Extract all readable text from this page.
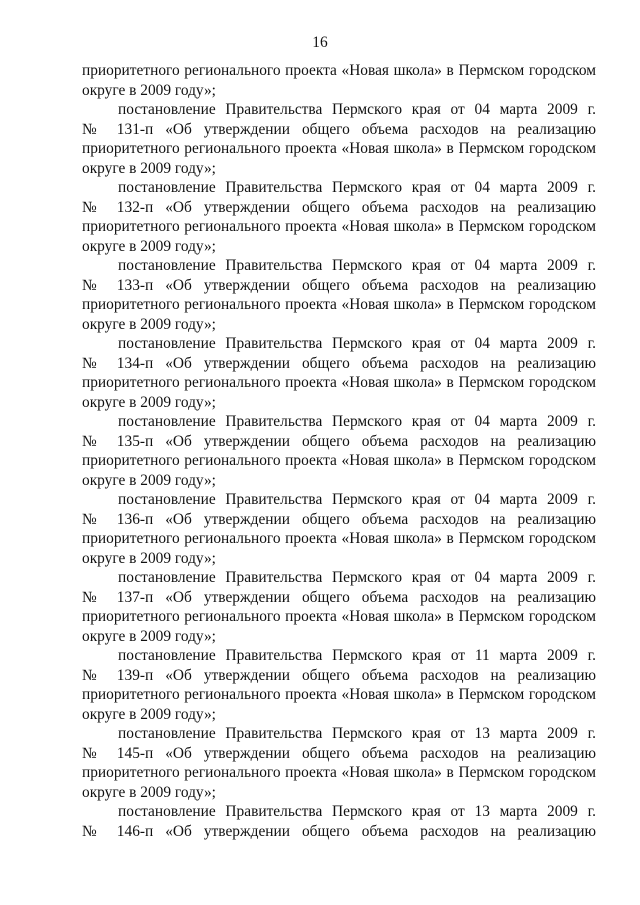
16
приоритетного регионального проекта «Новая школа» в Пермском городском
округе в 2009 году»;
постановление Правительства Пермского края от 04 марта 2009 г.
№ 131-п «Об утверждении общего объема расходов на реализацию
приоритетного регионального проекта «Новая школа» в Пермском городском
округе в 2009 году»;
постановление Правительства Пермского края от 04 марта 2009 г.
№ 132-п «Об утверждении общего объема расходов на реализацию
приоритетного регионального проекта «Новая школа» в Пермском городском
округе в 2009 году»;
постановление Правительства Пермского края от 04 марта 2009 г.
№ 133-п «Об утверждении общего объема расходов на реализацию
приоритетного регионального проекта «Новая школа» в Пермском городском
округе в 2009 году»;
постановление Правительства Пермского края от 04 марта 2009 г.
№ 134-п «Об утверждении общего объема расходов на реализацию
приоритетного регионального проекта «Новая школа» в Пермском городском
округе в 2009 году»;
постановление Правительства Пермского края от 04 марта 2009 г.
№ 135-п «Об утверждении общего объема расходов на реализацию
приоритетного регионального проекта «Новая школа» в Пермском городском
округе в 2009 году»;
постановление Правительства Пермского края от 04 марта 2009 г.
№ 136-п «Об утверждении общего объема расходов на реализацию
приоритетного регионального проекта «Новая школа» в Пермском городском
округе в 2009 году»;
постановление Правительства Пермского края от 04 марта 2009 г.
№ 137-п «Об утверждении общего объема расходов на реализацию
приоритетного регионального проекта «Новая школа» в Пермском городском
округе в 2009 году»;
постановление Правительства Пермского края от 11 марта 2009 г.
№ 139-п «Об утверждении общего объема расходов на реализацию
приоритетного регионального проекта «Новая школа» в Пермском городском
округе в 2009 году»;
постановление Правительства Пермского края от 13 марта 2009 г.
№ 145-п «Об утверждении общего объема расходов на реализацию
приоритетного регионального проекта «Новая школа» в Пермском городском
округе в 2009 году»;
постановление Правительства Пермского края от 13 марта 2009 г.
№ 146-п «Об утверждении общего объема расходов на реализацию
